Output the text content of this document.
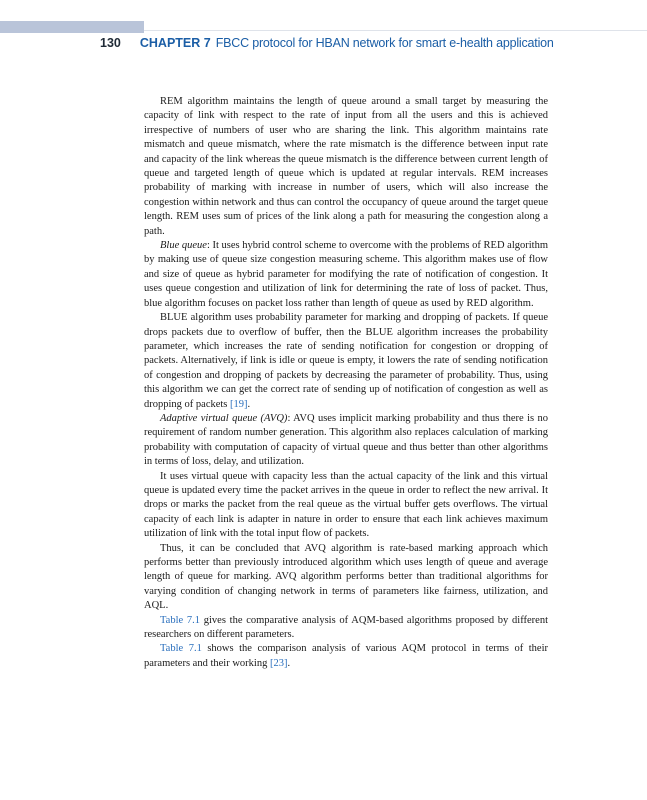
130 CHAPTER 7 FBCC protocol for HBAN network for smart e-health application

REM algorithm maintains the length of queue around a small target by measuring the capacity of link with respect to the rate of input from all the users and this is achieved irrespective of numbers of user who are sharing the link. This algorithm maintains rate mismatch and queue mismatch, where the rate mismatch is the difference between input rate and capacity of the link whereas the queue mismatch is the difference between current length of queue and targeted length of queue which is updated at regular intervals. REM increases probability of marking with increase in number of users, which will also increase the congestion within network and thus can control the occupancy of queue around the target queue length. REM uses sum of prices of the link along a path for measuring the congestion along a path.

Blue queue: It uses hybrid control scheme to overcome with the problems of RED algorithm by making use of queue size congestion measuring scheme. This algorithm makes use of flow and size of queue as hybrid parameter for modifying the rate of notification of congestion. It uses queue congestion and utilization of link for determining the rate of loss of packet. Thus, blue algorithm focuses on packet loss rather than length of queue as used by RED algorithm.

BLUE algorithm uses probability parameter for marking and dropping of packets. If queue drops packets due to overflow of buffer, then the BLUE algorithm increases the probability parameter, which increases the rate of sending notification for congestion or dropping of packets. Alternatively, if link is idle or queue is empty, it lowers the rate of sending notification of congestion and dropping of packets by decreasing the parameter of probability. Thus, using this algorithm we can get the correct rate of sending up of notification of congestion as well as dropping of packets [19].

Adaptive virtual queue (AVQ): AVQ uses implicit marking probability and thus there is no requirement of random number generation. This algorithm also replaces calculation of marking probability with computation of capacity of virtual queue and thus better than other algorithms in terms of loss, delay, and utilization.

It uses virtual queue with capacity less than the actual capacity of the link and this virtual queue is updated every time the packet arrives in the queue in order to reflect the new arrival. It drops or marks the packet from the real queue as the virtual buffer gets overflows. The virtual capacity of each link is adapter in nature in order to ensure that each link achieves maximum utilization of link with the total input flow of packets.

Thus, it can be concluded that AVQ algorithm is rate-based marking approach which performs better than previously introduced algorithm which uses length of queue and average length of queue for marking. AVQ algorithm performs better than traditional algorithms for varying condition of changing network in terms of parameters like fairness, utilization, and AQL.

Table 7.1 gives the comparative analysis of AQM-based algorithms proposed by different researchers on different parameters.

Table 7.1 shows the comparison analysis of various AQM protocol in terms of their parameters and their working [23].
